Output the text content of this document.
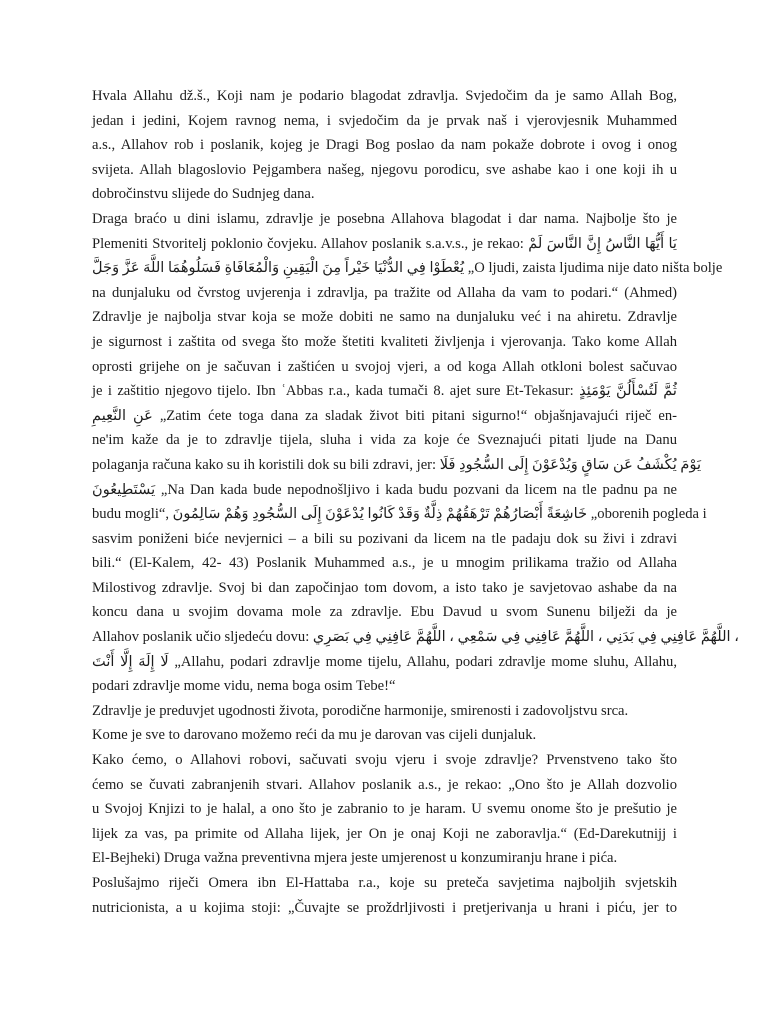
Hvala Allahu dž.š., Koji nam je podario blagodat zdravlja. Svjedočim da je samo Allah Bog,
jedan i jedini, Kojem ravnog nema, i svjedočim da je prvak naš i vjerovjesnik Muhammed
a.s., Allahov rob i poslanik, kojeg je Dragi Bog poslao da nam pokaže dobrote i ovog i onog
svijeta. Allah blagoslovio Pejgambera našeg, njegovu porodicu, sve ashabe kao i one koji ih u
dobročinstvu slijede do Sudnjeg dana.
Draga braćo u dini islamu, zdravlje je posebna Allahova blagodat i dar nama. Najbolje što je
Plemeniti Stvoritelj poklonio čovjeku. Allahov poslanik s.a.v.s., je rekao: يَا أَيُّهَا النَّاسُ إِنَّ النَّاسَ لَمْ
يُعْطَوْا فِي الدُّنْيَا خَيْراً مِنَ الْيَقِينِ وَالْمُعَافَاةِ فَسَلُوهُمَا اللَّهَ عَزَّ وَجَلَّ „O ljudi, zaista ljudima nije dato ništa bolje
na dunjaluku od čvrstog uvjerenja i zdravlja, pa tražite od Allaha da vam to podari.“ (Ahmed)
Zdravlje je najbolja stvar koja se može dobiti ne samo na dunjaluku već i na ahiretu. Zdravlje
je sigurnost i zaštita od svega što može štetiti kvaliteti življenja i vjerovanja. Tako kome Allah
oprosti grijehe on je sačuvan i zaštićen u svojoj vjeri, a od koga Allah otkloni bolest sačuvao
je i zaštitio njegovo tijelo. Ibn ʿAbbas r.a., kada tumači 8. ajet sure Et-Tekasur: ثُمَّ لَتُسْأَلُنَّ يَوْمَئِذٍ
عَنِ النَّعِيمِ „Zatim ćete toga dana za sladak život biti pitani sigurno!“ objašnjavajući riječ en-
ne'im kaže da je to zdravlje tijela, sluha i vida za koje će Sveznajući pitati ljude na Danu
polaganja računa kako su ih koristili dok su bili zdravi, jer: يَوْمَ يُكْشَفُ عَن سَاقٍ وَيُدْعَوْنَ إِلَى السُّجُودِ فَلَا
يَسْتَطِيعُونَ „Na Dan kada bude nepodnošljivo i kada budu pozvani da licem na tle padnu pa ne
budu mogli“, خَاشِعَةً أَبْصَارُهُمْ تَرْهَقُهُمْ ذِلَّةٌ وَقَدْ كَانُوا يُدْعَوْنَ إِلَى السُّجُودِ وَهُمْ سَالِمُونَ „oborenih pogleda i
sasvim poniženi biće nevjernici – a bili su pozivani da licem na tle padaju dok su živi i zdravi
bili.“ (El-Kalem, 42- 43) Poslanik Muhammed a.s., je u mnogim prilikama tražio od Allaha
Milostivog zdravlje. Svoj bi dan započinjao tom dovom, a isto tako je savjetovao ashabe da na
koncu dana u svojim dovama mole za zdravlje. Ebu Davud u svom Sunenu bilježi da je
Allahov poslanik učio sljedeću dovu: اللَّهُمَّ عَافِنِي فِي بَدَنِي ، اللَّهُمَّ عَافِنِي فِي سَمْعِي ، اللَّهُمَّ عَافِنِي فِي بَصَرِي ،
لَا إِلَهَ إِلَّا أَنْتَ „Allahu, podari zdravlje mome tijelu, Allahu, podari zdravlje mome sluhu, Allahu,
podari zdravlje mome vidu, nema boga osim Tebe!“
Zdravlje je preduvjet ugodnosti života, porodične harmonije, smirenosti i zadovoljstvu srca.
Kome je sve to darovano možemo reći da mu je darovan vas cijeli dunjaluk.
Kako ćemo, o Allahovi robovi, sačuvati svoju vjeru i svoje zdravlje? Prvenstveno tako što
ćemo se čuvati zabranjenih stvari. Allahov poslanik a.s., je rekao: „Ono što je Allah dozvolio
u Svojoj Knjizi to je halal, a ono što je zabranio to je haram. U svemu onome što je prešutio je
lijek za vas, pa primite od Allaha lijek, jer On je onaj Koji ne zaboravlja.“ (Ed-Darekutnijj i
El-Bejheki) Druga važna preventivna mjera jeste umjerenost u konzumiranju hrane i pića.
Poslušajmo riječi Omera ibn El-Hattaba r.a., koje su preteča savjetima najboljih svjetskih
nutricionista, a u kojima stoji: „Čuvajte se proždrljivosti i pretjerivanja u hrani i piću, jer to
